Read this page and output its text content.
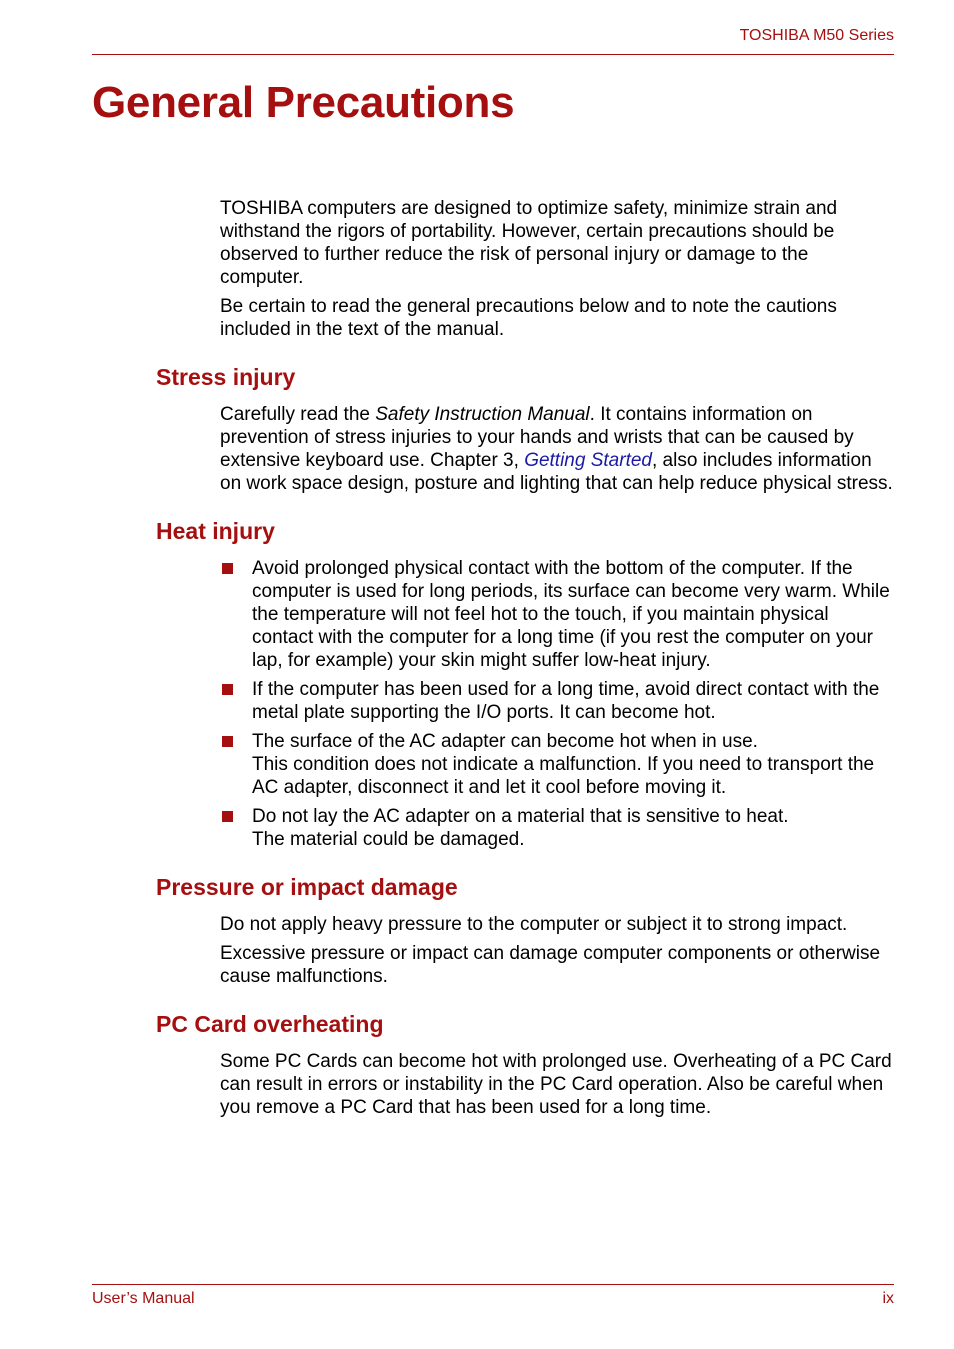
TOSHIBA M50 Series
General Precautions

TOSHIBA computers are designed to optimize safety, minimize strain and withstand the rigors of portability. However, certain precautions should be observed to further reduce the risk of personal injury or damage to the computer.

Be certain to read the general precautions below and to note the cautions included in the text of the manual.

Stress injury

Carefully read the Safety Instruction Manual. It contains information on prevention of stress injuries to your hands and wrists that can be caused by extensive keyboard use. Chapter 3, Getting Started, also includes information on work space design, posture and lighting that can help reduce physical stress.

Heat injury
Avoid prolonged physical contact with the bottom of the computer. If the computer is used for long periods, its surface can become very warm. While the temperature will not feel hot to the touch, if you maintain physical contact with the computer for a long time (if you rest the computer on your lap, for example) your skin might suffer low-heat injury.
If the computer has been used for a long time, avoid direct contact with the metal plate supporting the I/O ports. It can become hot.
The surface of the AC adapter can become hot when in use.
This condition does not indicate a malfunction. If you need to transport the AC adapter, disconnect it and let it cool before moving it.
Do not lay the AC adapter on a material that is sensitive to heat.
The material could be damaged.
Pressure or impact damage

Do not apply heavy pressure to the computer or subject it to strong impact.

Excessive pressure or impact can damage computer components or otherwise cause malfunctions.

PC Card overheating

Some PC Cards can become hot with prolonged use. Overheating of a PC Card can result in errors or instability in the PC Card operation. Also be careful when you remove a PC Card that has been used for a long time.

User’s Manual	ix
